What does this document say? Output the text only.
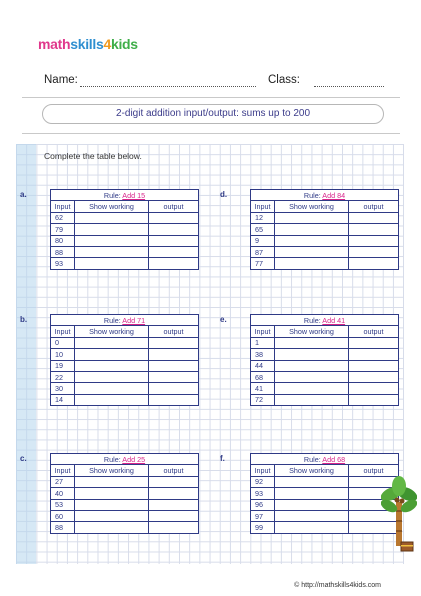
mathskills4kids
Name:	Class:
2-digit addition input/output: sums up to 200
Complete the table below.
a.	Rule: Add 15		
Input	Show working	output
62		
79		
80		
88		
93		
d.	Rule: Add 84		
Input	Show working	output
12		
65		
9		
87		
77		
b.	Rule: Add 71		
Input	Show working	output
0		
10		
19		
22		
30		
14		
e.	Rule: Add 41		
Input	Show working	output
1		
38		
44		
68		
41		
72		
c.	Rule: Add 25		
Input	Show working	output
27		
40		
53		
60		
88		
f.	Rule: Add 68		
Input	Show working	output
92		
93		
96		
97		
99		
© http://mathskills4kids.com
